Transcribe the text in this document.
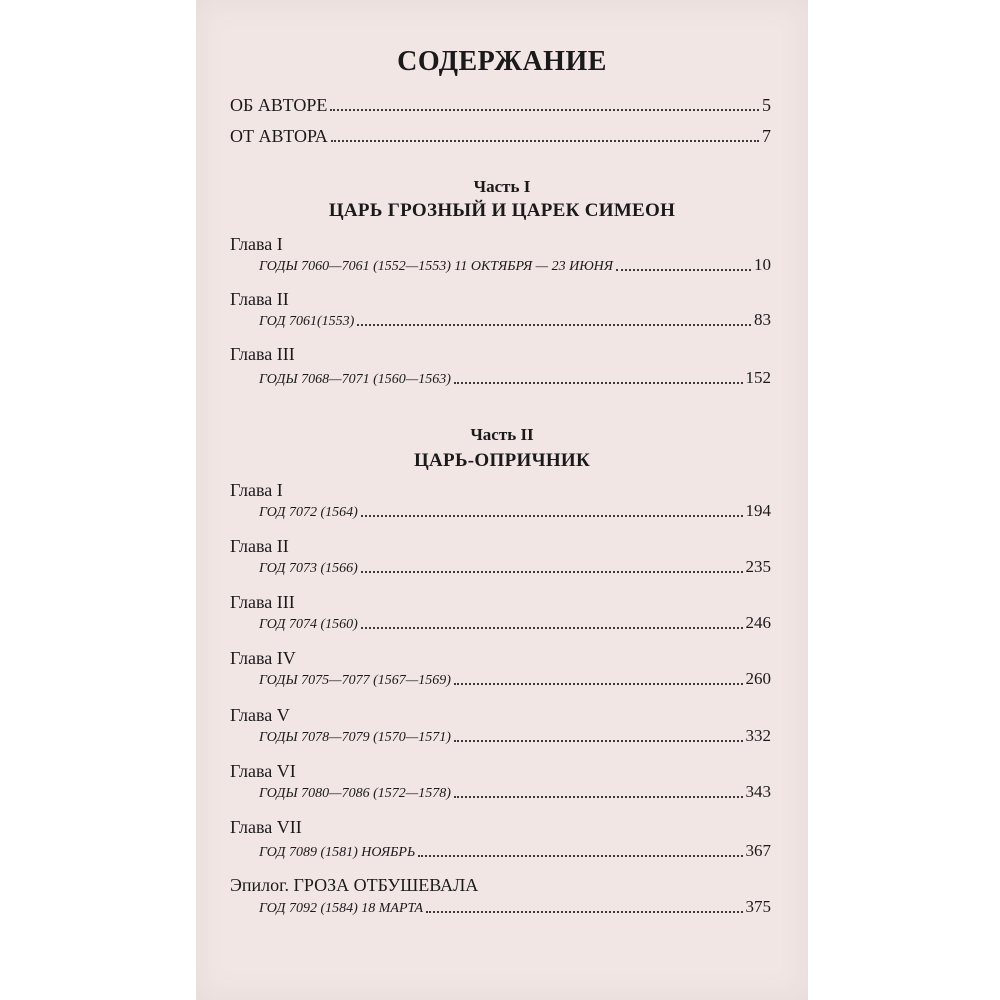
СОДЕРЖАНИЕ
ОБ АВТОРЕ	5
ОТ АВТОРА	7
Часть I
ЦАРЬ ГРОЗНЫЙ И ЦАРЕК СИМЕОН
Глава I
ГОДЫ 7060—7061 (1552—1553) 11 ОКТЯБРЯ — 23 ИЮНЯ	10
Глава II
ГОД 7061(1553)	83
Глава III
ГОДЫ 7068—7071 (1560—1563)	152
Часть II
ЦАРЬ-ОПРИЧНИК
Глава I
ГОД 7072 (1564)	194
Глава II
ГОД 7073 (1566)	235
Глава III
ГОД 7074 (1560)	246
Глава IV
ГОДЫ 7075—7077 (1567—1569)	260
Глава V
ГОДЫ 7078—7079 (1570—1571)	332
Глава VI
ГОДЫ 7080—7086 (1572—1578)	343
Глава VII
ГОД 7089 (1581) НОЯБРЬ	367
Эпилог. ГРОЗА ОТБУШЕВАЛА
ГОД 7092 (1584) 18 МАРТА	375
